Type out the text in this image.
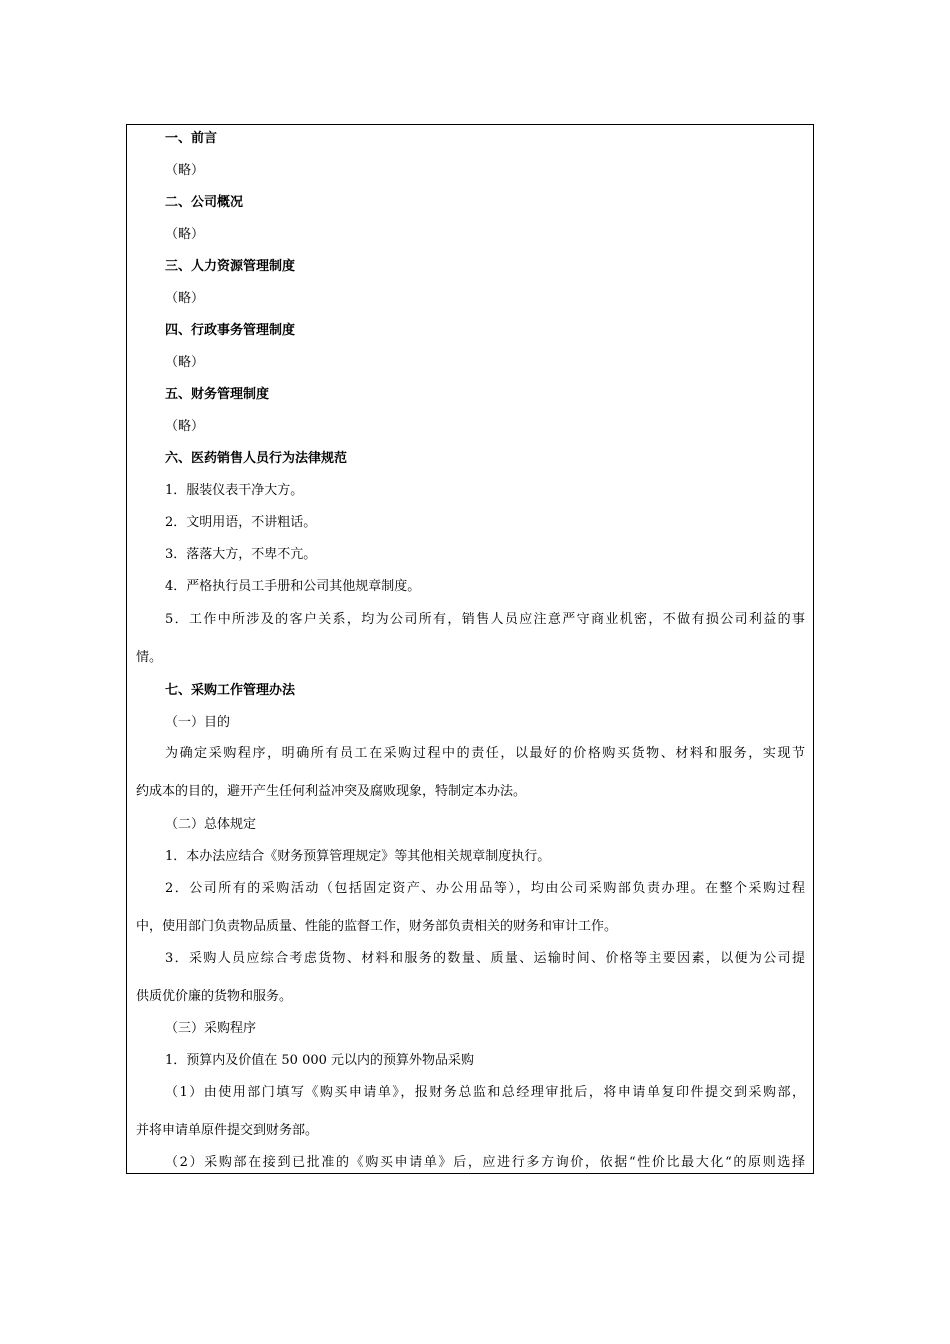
一、前言
（略）
二、公司概况
（略）
三、人力资源管理制度
（略）
四、行政事务管理制度
（略）
五、财务管理制度
（略）
六、医药销售人员行为法律规范
1．服装仪表干净大方。
2．文明用语，不讲粗话。
3．落落大方，不卑不亢。
4．严格执行员工手册和公司其他规章制度。
5．工作中所涉及的客户关系，均为公司所有，销售人员应注意严守商业机密，不做有损公司利益的事
情。
七、采购工作管理办法
（一）目的
为确定采购程序，明确所有员工在采购过程中的责任，以最好的价格购买货物、材料和服务，实现节
约成本的目的，避开产生任何利益冲突及腐败现象，特制定本办法。
（二）总体规定
1．本办法应结合《财务预算管理规定》等其他相关规章制度执行。
2．公司所有的采购活动（包括固定资产、办公用品等），均由公司采购部负责办理。在整个采购过程
中，使用部门负责物品质量、性能的监督工作，财务部负责相关的财务和审计工作。
3．采购人员应综合考虑货物、材料和服务的数量、质量、运输时间、价格等主要因素，以便为公司提
供质优价廉的货物和服务。
（三）采购程序
1．预算内及价值在 50 000 元以内的预算外物品采购
（1）由使用部门填写《购买申请单》，报财务总监和总经理审批后，将申请单复印件提交到采购部，
并将申请单原件提交到财务部。
（2）采购部在接到已批准的《购买申请单》后，应进行多方询价，依据“性价比最大化“的原则选择
